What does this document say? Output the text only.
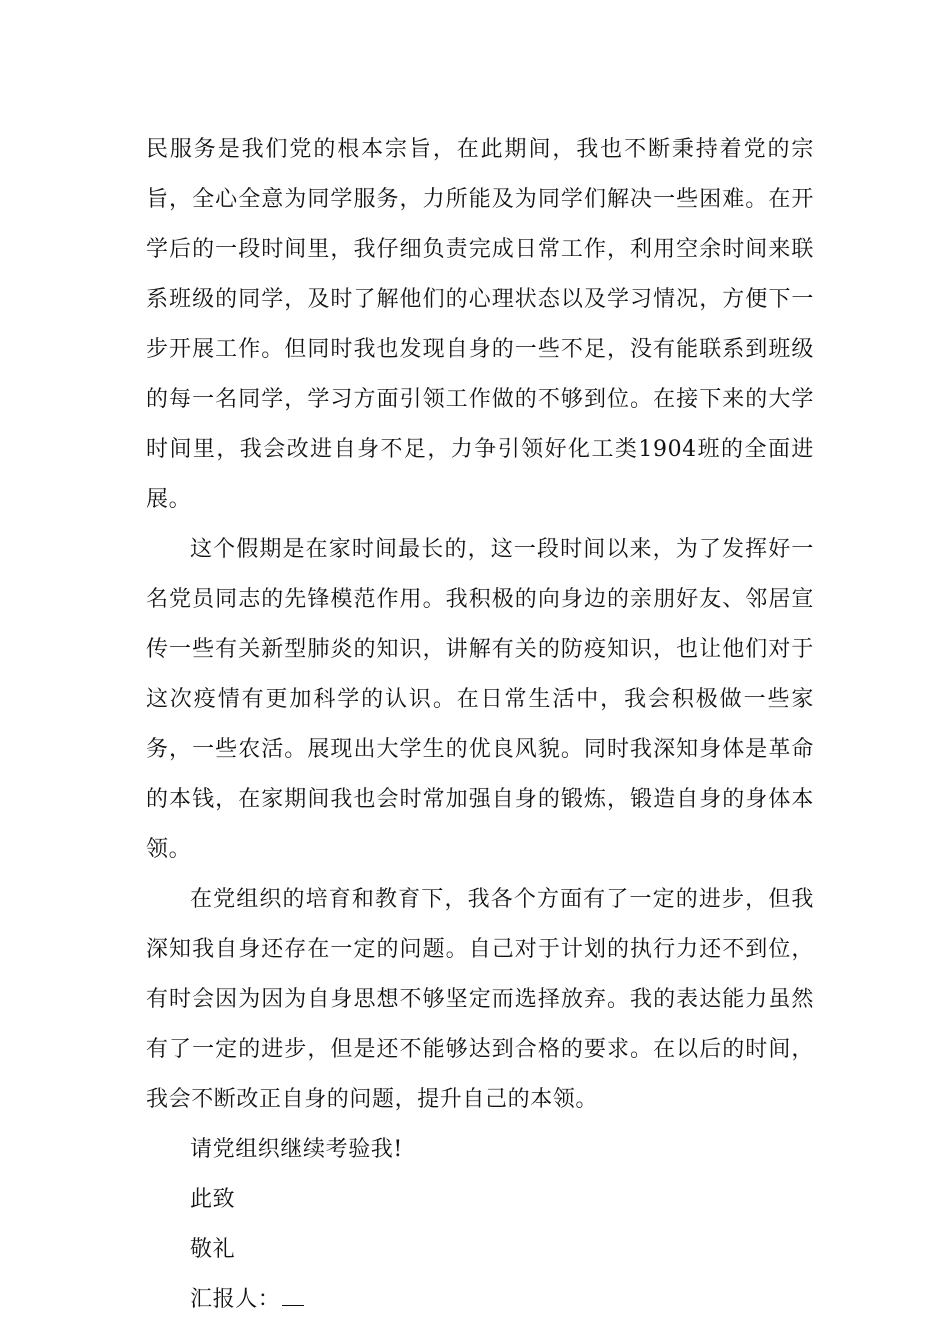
民服务是我们党的根本宗旨，在此期间，我也不断秉持着党的宗旨，全心全意为同学服务，力所能及为同学们解决一些困难。在开学后的一段时间里，我仔细负责完成日常工作，利用空余时间来联系班级的同学，及时了解他们的心理状态以及学习情况，方便下一步开展工作。但同时我也发现自身的一些不足，没有能联系到班级的每一名同学，学习方面引领工作做的不够到位。在接下来的大学时间里，我会改进自身不足，力争引领好化工类1904班的全面进展。

这个假期是在家时间最长的，这一段时间以来，为了发挥好一名党员同志的先锋模范作用。我积极的向身边的亲朋好友、邻居宣传一些有关新型肺炎的知识，讲解有关的防疫知识，也让他们对于这次疫情有更加科学的认识。在日常生活中，我会积极做一些家务，一些农活。展现出大学生的优良风貌。同时我深知身体是革命的本钱，在家期间我也会时常加强自身的锻炼，锻造自身的身体本领。

在党组织的培育和教育下，我各个方面有了一定的进步，但我深知我自身还存在一定的问题。自己对于计划的执行力还不到位，有时会因为因为自身思想不够坚定而选择放弃。我的表达能力虽然有了一定的进步，但是还不能够达到合格的要求。在以后的时间，我会不断改正自身的问题，提升自己的本领。

请党组织继续考验我!

此致

敬礼

汇报人：
